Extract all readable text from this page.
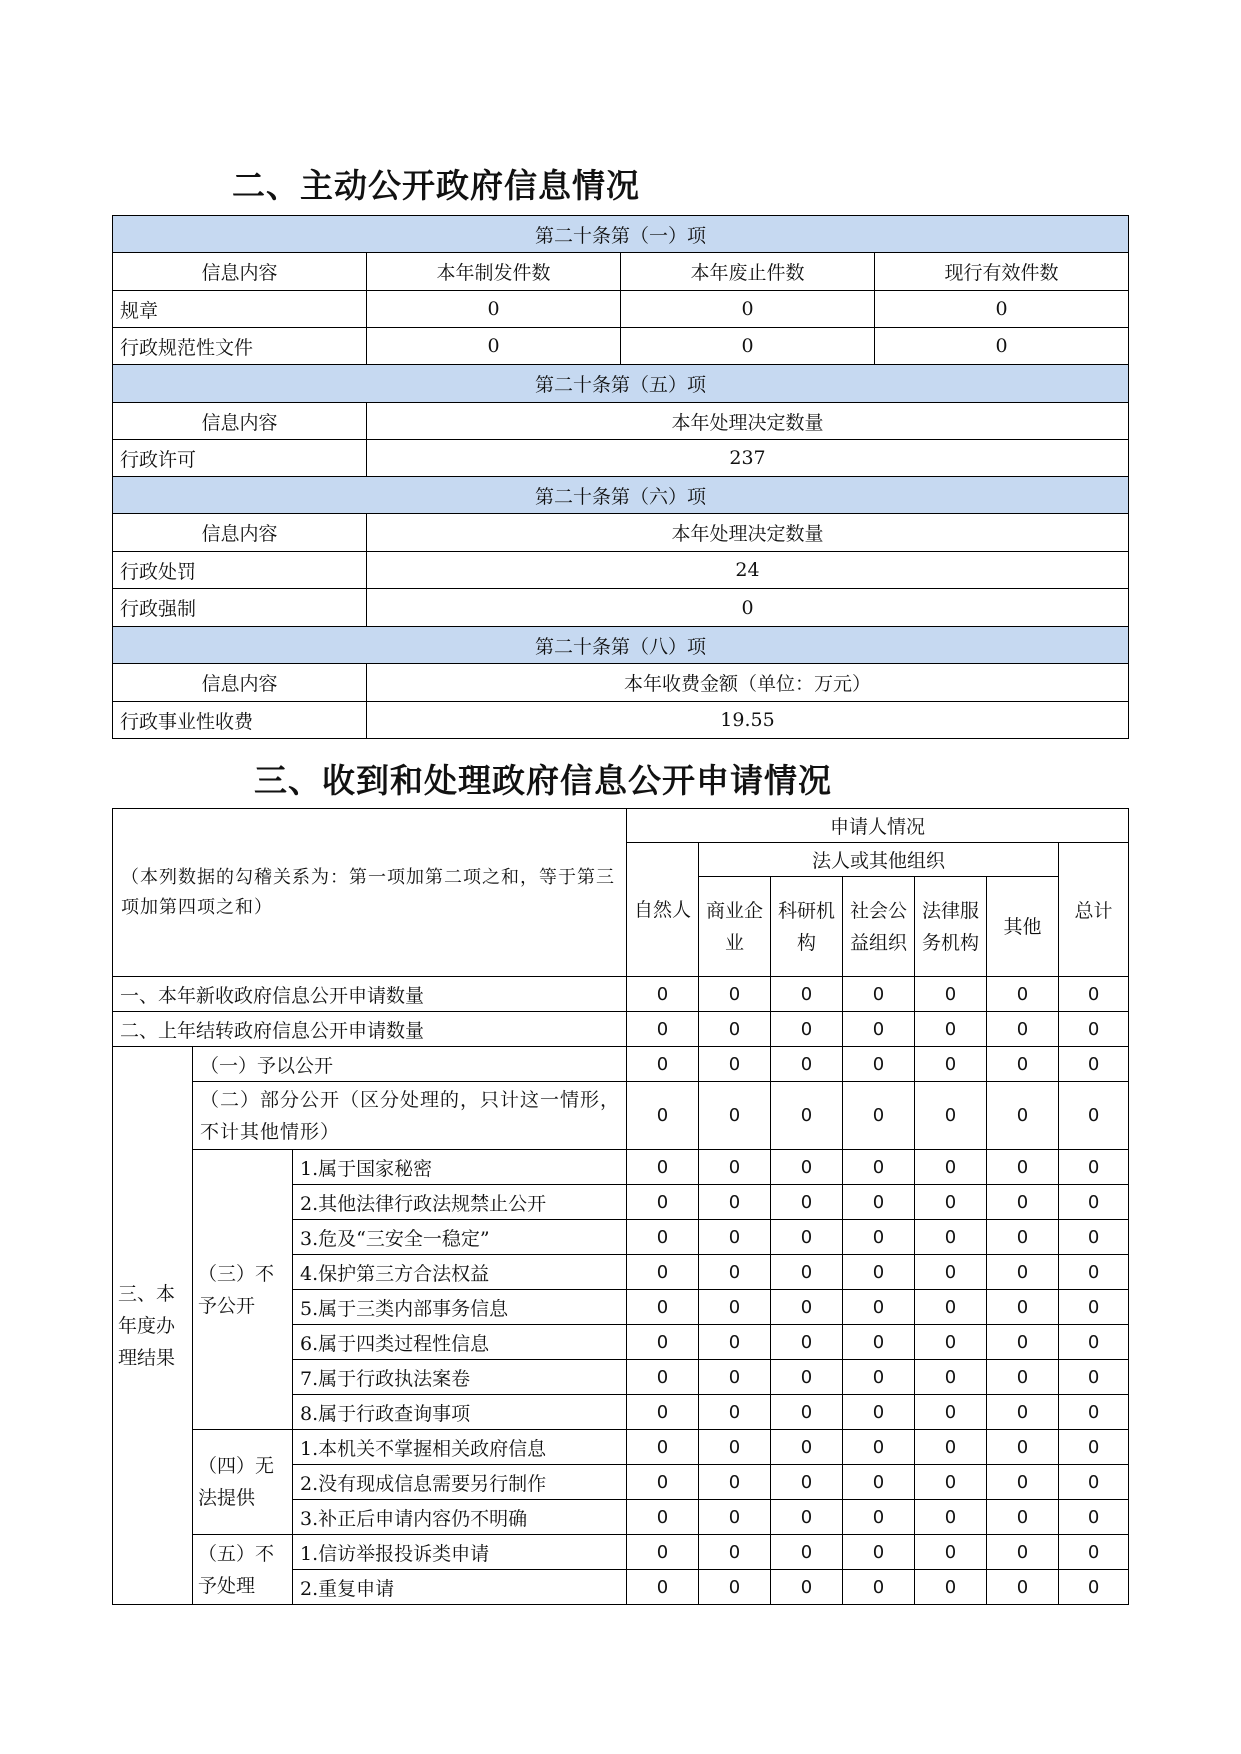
二、主动公开政府信息情况
第二十条第（一）项			
信息内容	本年制发件数	本年废止件数	现行有效件数
规章	0	0	0
行政规范性文件	0	0	0
第二十条第（五）项			
信息内容	本年处理决定数量		
行政许可	237		
第二十条第（六）项			
信息内容	本年处理决定数量		
行政处罚	24		
行政强制	0		
第二十条第（八）项			
信息内容	本年收费金额（单位：万元）		
行政事业性收费	19.55		
三、收到和处理政府信息公开申请情况
（本列数据的勾稽关系为：第一项加第二项之和，等于第三项加第四项之和）			申请人情况						
			自然人	法人或其他组织					总计
				商业企业	科研机构	社会公益组织	法律服务机构	其他	
一、本年新收政府信息公开申请数量			0	0	0	0	0	0	0
二、上年结转政府信息公开申请数量			0	0	0	0	0	0	0
三、本年度办理结果	（一）予以公开		0	0	0	0	0	0	0
	（二）部分公开（区分处理的，只计这一情形，不计其他情形）		0	0	0	0	0	0	0
	（三）不予公开	1.属于国家秘密	0	0	0	0	0	0	0
		2.其他法律行政法规禁止公开	0	0	0	0	0	0	0
		3.危及“三安全一稳定”	0	0	0	0	0	0	0
		4.保护第三方合法权益	0	0	0	0	0	0	0
		5.属于三类内部事务信息	0	0	0	0	0	0	0
		6.属于四类过程性信息	0	0	0	0	0	0	0
		7.属于行政执法案卷	0	0	0	0	0	0	0
		8.属于行政查询事项	0	0	0	0	0	0	0
	（四）无法提供	1.本机关不掌握相关政府信息	0	0	0	0	0	0	0
		2.没有现成信息需要另行制作	0	0	0	0	0	0	0
		3.补正后申请内容仍不明确	0	0	0	0	0	0	0
	（五）不予处理	1.信访举报投诉类申请	0	0	0	0	0	0	0
		2.重复申请	0	0	0	0	0	0	0
